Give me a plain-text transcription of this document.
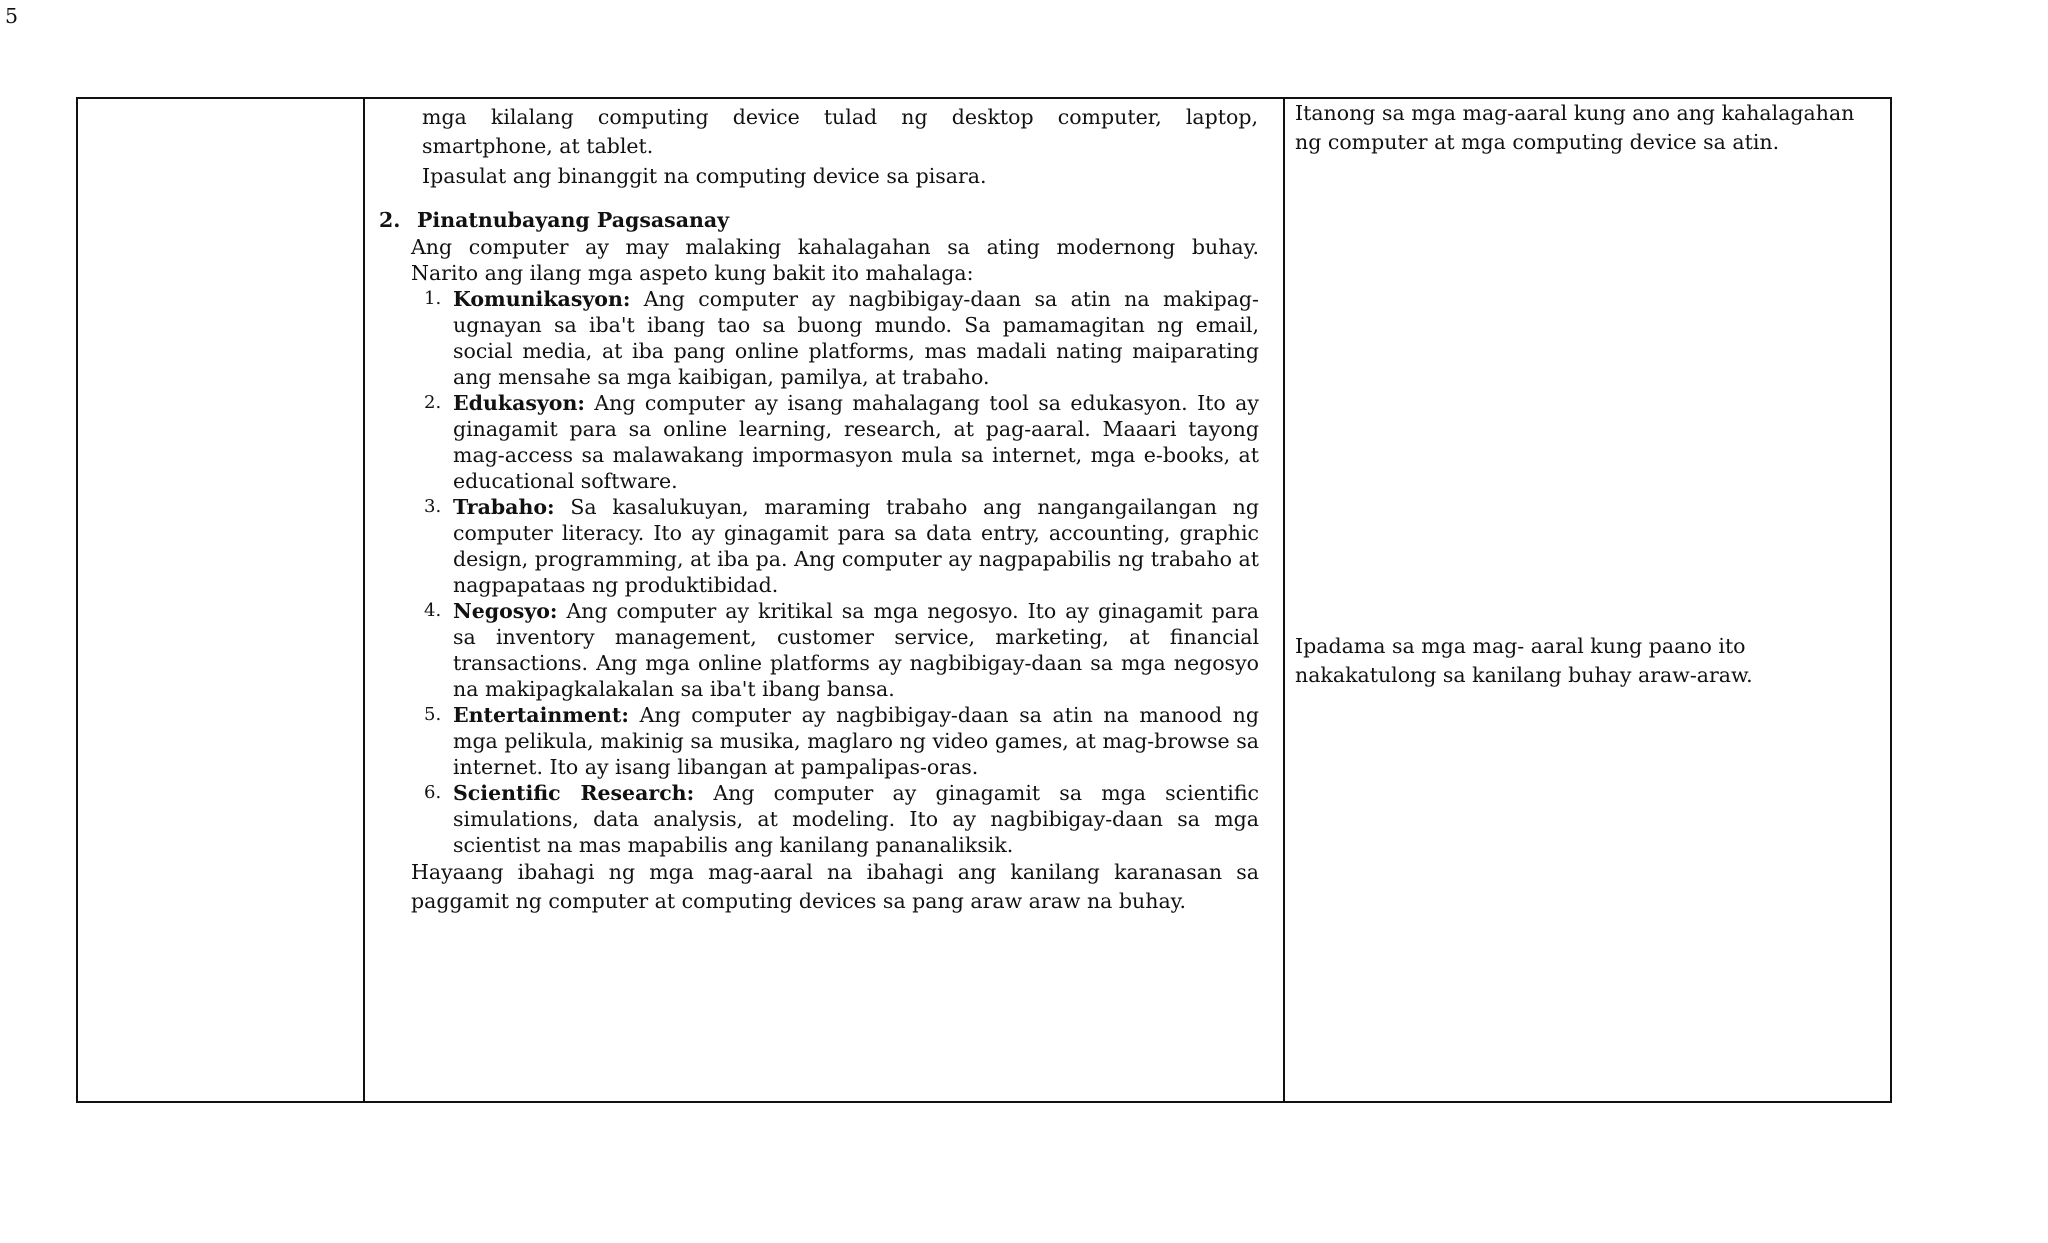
5

mga kilalang computing device tulad ng desktop computer, laptop,

smartphone, at tablet.

Ipasulat ang binanggit na computing device sa pisara.

2. Pinatnubayang Pagsasanay

Ang computer ay may malaking kahalagahan sa ating modernong buhay.

Narito ang ilang mga aspeto kung bakit ito mahalaga:

1. Komunikasyon: Ang computer ay nagbibigay-daan sa atin na makipag-ugnayan sa iba't ibang tao sa buong mundo. Sa pamamagitan ng email, social media, at iba pang online platforms, mas madali nating maiparating ang mensahe sa mga kaibigan, pamilya, at trabaho.
2. Edukasyon: Ang computer ay isang mahalagang tool sa edukasyon. Ito ay ginagamit para sa online learning, research, at pag-aaral. Maaari tayong mag-access sa malawakang impormasyon mula sa internet, mga e-books, at educational software.
3. Trabaho: Sa kasalukuyan, maraming trabaho ang nangangailangan ng computer literacy. Ito ay ginagamit para sa data entry, accounting, graphic design, programming, at iba pa. Ang computer ay nagpapabilis ng trabaho at nagpapataas ng produktibidad.
4. Negosyo: Ang computer ay kritikal sa mga negosyo. Ito ay ginagamit para sa inventory management, customer service, marketing, at financial transactions. Ang mga online platforms ay nagbibigay-daan sa mga negosyo na makipagkalakalan sa iba't ibang bansa.
5. Entertainment: Ang computer ay nagbibigay-daan sa atin na manood ng mga pelikula, makinig sa musika, maglaro ng video games, at mag-browse sa internet. Ito ay isang libangan at pampalipas-oras.
6. Scientific Research: Ang computer ay ginagamit sa mga scientific simulations, data analysis, at modeling. Ito ay nagbibigay-daan sa mga scientist na mas mapabilis ang kanilang pananaliksik.

Hayaang ibahagi ng mga mag-aaral na ibahagi ang kanilang karanasan sa paggamit ng computer at computing devices sa pang araw araw na buhay.

Itanong sa mga mag-aaral kung ano ang kahalagahan ng computer at mga computing device sa atin.

Ipadama sa mga mag- aaral kung paano ito nakakatulong sa kanilang buhay araw-araw.
